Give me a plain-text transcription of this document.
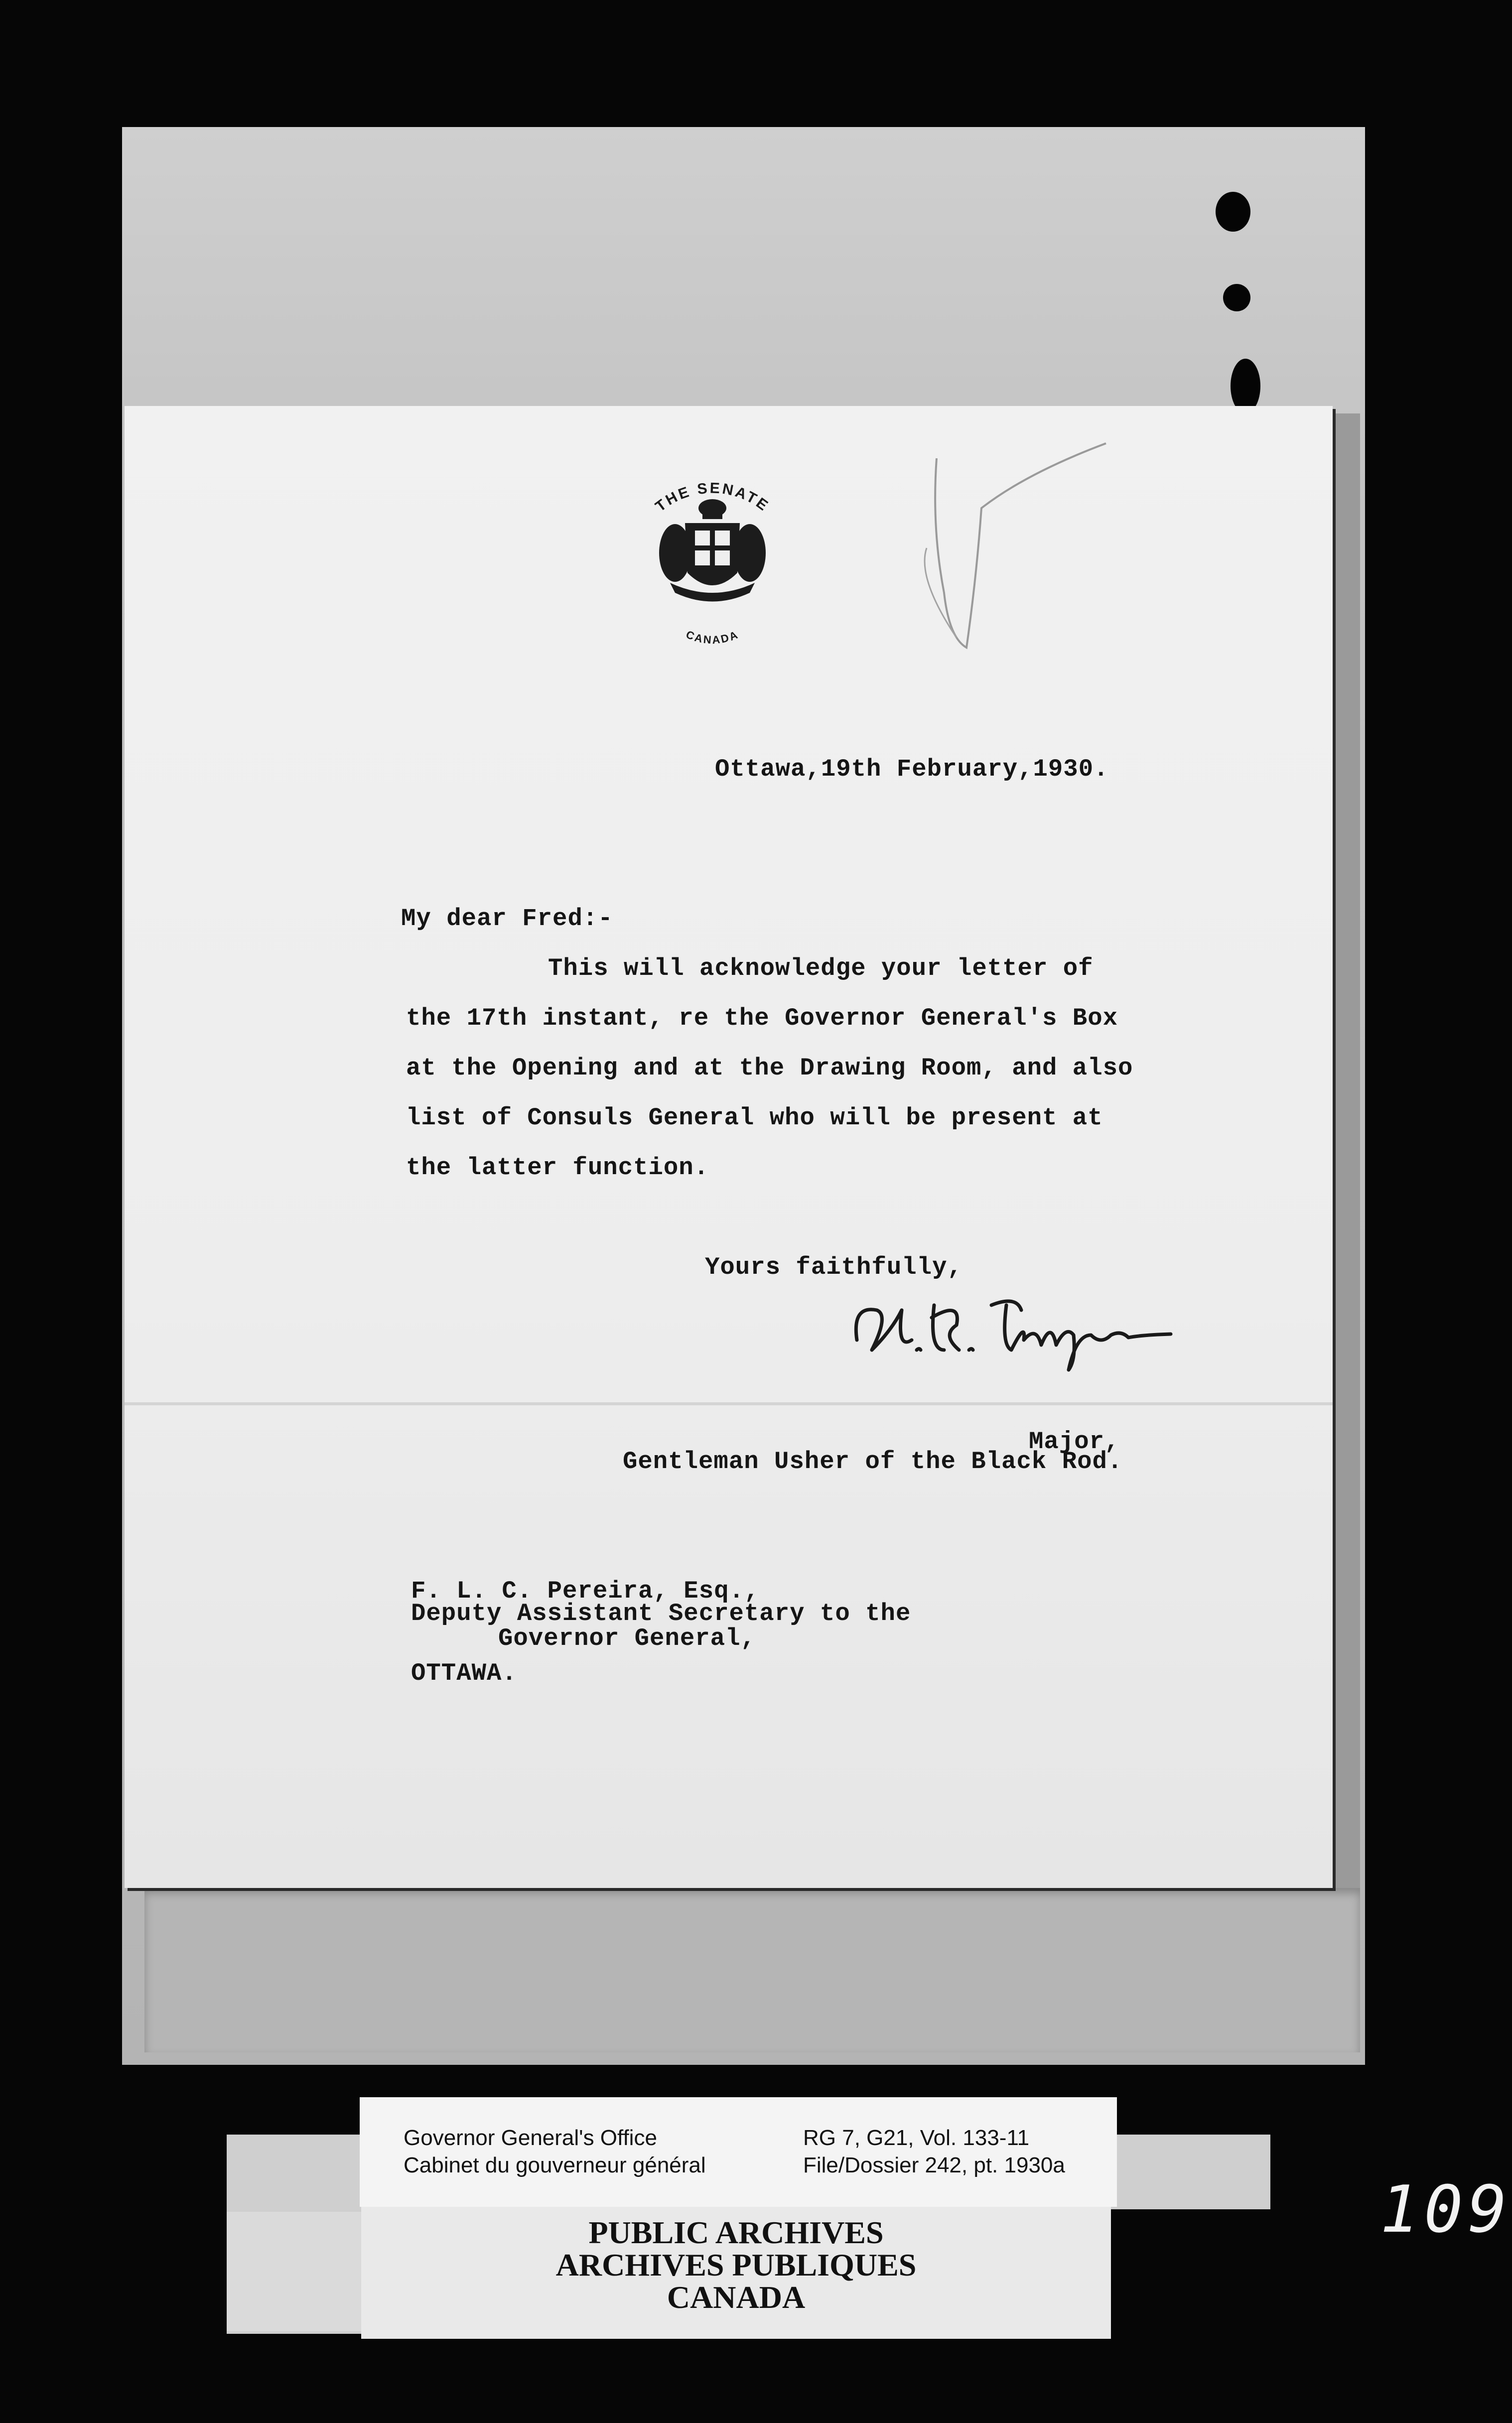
THE SENATE
CANADA
Ottawa,19th February,1930.
My dear Fred:-
This will acknowledge your letter of
the 17th instant, re the Governor General's Box
at the Opening and at the Drawing Room, and also
list of Consuls General who will be present at
the latter function.
Yours faithfully,
Major,
Gentleman Usher of the Black Rod.
F. L. C. Pereira, Esq.,
Deputy Assistant Secretary to the
Governor General,
OTTAWA.
Governor General's Office
Cabinet du gouverneur général
RG 7, G21, Vol. 133-11
File/Dossier 242, pt. 1930a
PUBLIC ARCHIVES
ARCHIVES PUBLIQUES
CANADA
109
